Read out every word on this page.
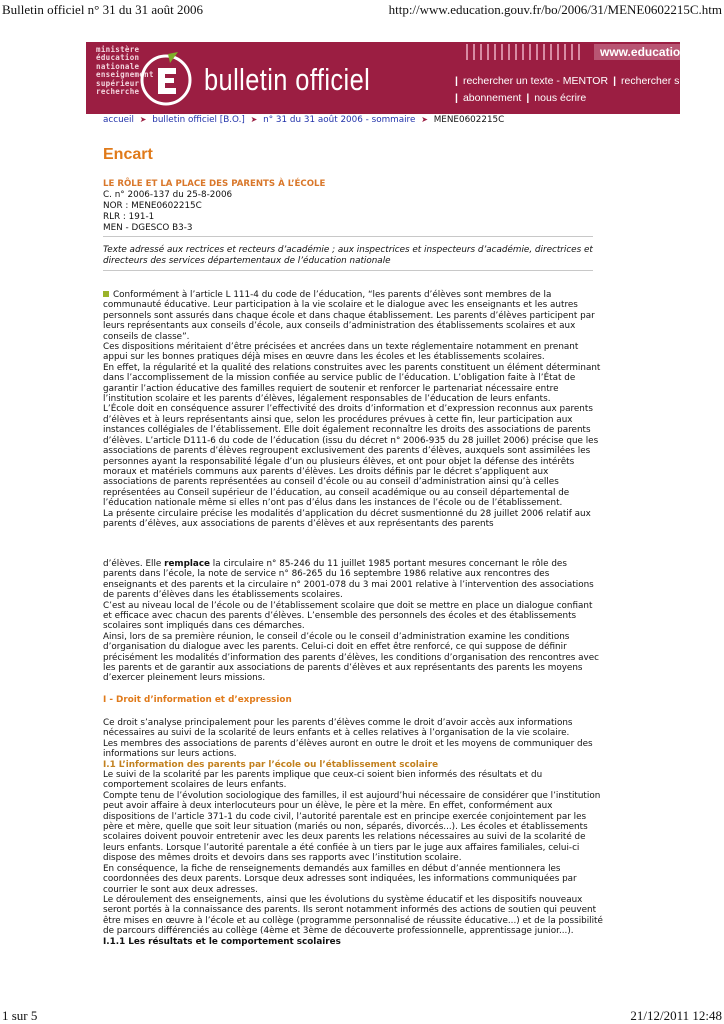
Bulletin officiel n° 31 du 31 août 2006	http://www.education.gouv.fr/bo/2006/31/MENE0602215C.htm
ministère
éducation
nationale
enseignement
supérieur
recherche	bulletin officiel
www.education.fr
| rechercher un texte - MENTOR | rechercher sur le site
| abonnement | nous écrire
accueil ➤ bulletin officiel [B.O.] ➤ n° 31 du 31 août 2006 - sommaire ➤ MENE0602215C
Encart
LE RÔLE ET LA PLACE DES PARENTS À L’ÉCOLE
C. n° 2006-137 du 25-8-2006
NOR : MENE0602215C
RLR : 191-1
MEN - DGESCO B3-3
Texte adressé aux rectrices et recteurs d’académie ; aux inspectrices et inspecteurs d’académie, directrices et directeurs des services départementaux de l’éducation nationale

Conformément à l’article L 111-4 du code de l’éducation, “les parents d’élèves sont membres de la communauté éducative. Leur participation à la vie scolaire et le dialogue avec les enseignants et les autres personnels sont assurés dans chaque école et dans chaque établissement. Les parents d’élèves participent par leurs représentants aux conseils d’école, aux conseils d’administration des établissements scolaires et aux conseils de classe”.

Ces dispositions méritaient d’être précisées et ancrées dans un texte réglementaire notamment en prenant appui sur les bonnes pratiques déjà mises en œuvre dans les écoles et les établissements scolaires.

En effet, la régularité et la qualité des relations construites avec les parents constituent un élément déterminant dans l’accomplissement de la mission confiée au service public de l’éducation. L’obligation faite à l’État de garantir l’action éducative des familles requiert de soutenir et renforcer le partenariat nécessaire entre l’institution scolaire et les parents d’élèves, légalement responsables de l’éducation de leurs enfants.

L’École doit en conséquence assurer l’effectivité des droits d’information et d’expression reconnus aux parents d’élèves et à leurs représentants ainsi que, selon les procédures prévues à cette fin, leur participation aux instances collégiales de l’établissement. Elle doit également reconnaître les droits des associations de parents d’élèves. L’article D111-6 du code de l’éducation (issu du décret n° 2006-935 du 28 juillet 2006) précise que les associations de parents d’élèves regroupent exclusivement des parents d’élèves, auxquels sont assimilées les personnes ayant la responsabilité légale d’un ou plusieurs élèves, et ont pour objet la défense des intérêts moraux et matériels communs aux parents d’élèves. Les droits définis par le décret s’appliquent aux associations de parents représentées au conseil d’école ou au conseil d’administration ainsi qu’à celles représentées au Conseil supérieur de l’éducation, au conseil académique ou au conseil départemental de l’éducation nationale même si elles n’ont pas d’élus dans les instances de l’école ou de l’établissement.

La présente circulaire précise les modalités d’application du décret susmentionné du 28 juillet 2006 relatif aux parents d’élèves, aux associations de parents d’élèves et aux représentants des parents

d’élèves. Elle remplace la circulaire n° 85-246 du 11 juillet 1985 portant mesures concernant le rôle des parents dans l’école, la note de service n° 86-265 du 16 septembre 1986 relative aux rencontres des enseignants et des parents et la circulaire n° 2001-078 du 3 mai 2001 relative à l’intervention des associations de parents d’élèves dans les établissements scolaires.

C’est au niveau local de l’école ou de l’établissement scolaire que doit se mettre en place un dialogue confiant et efficace avec chacun des parents d’élèves. L’ensemble des personnels des écoles et des établissements scolaires sont impliqués dans ces démarches.

Ainsi, lors de sa première réunion, le conseil d’école ou le conseil d’administration examine les conditions d’organisation du dialogue avec les parents. Celui-ci doit en effet être renforcé, ce qui suppose de définir précisément les modalités d’information des parents d’élèves, les conditions d’organisation des rencontres avec les parents et de garantir aux associations de parents d’élèves et aux représentants des parents les moyens d’exercer pleinement leurs missions.

I - Droit d’information et d’expression

Ce droit s’analyse principalement pour les parents d’élèves comme le droit d’avoir accès aux informations nécessaires au suivi de la scolarité de leurs enfants et à celles relatives à l’organisation de la vie scolaire.

Les membres des associations de parents d’élèves auront en outre le droit et les moyens de communiquer des informations sur leurs actions.

I.1 L’information des parents par l’école ou l’établissement scolaire

Le suivi de la scolarité par les parents implique que ceux-ci soient bien informés des résultats et du comportement scolaires de leurs enfants.

Compte tenu de l’évolution sociologique des familles, il est aujourd’hui nécessaire de considérer que l’institution peut avoir affaire à deux interlocuteurs pour un élève, le père et la mère. En effet, conformément aux dispositions de l’article 371-1 du code civil, l’autorité parentale est en principe exercée conjointement par les père et mère, quelle que soit leur situation (mariés ou non, séparés, divorcés...). Les écoles et établissements scolaires doivent pouvoir entretenir avec les deux parents les relations nécessaires au suivi de la scolarité de leurs enfants. Lorsque l’autorité parentale a été confiée à un tiers par le juge aux affaires familiales, celui-ci dispose des mêmes droits et devoirs dans ses rapports avec l’institution scolaire.

En conséquence, la fiche de renseignements demandés aux familles en début d’année mentionnera les coordonnées des deux parents. Lorsque deux adresses sont indiquées, les informations communiquées par courrier le sont aux deux adresses.

Le déroulement des enseignements, ainsi que les évolutions du système éducatif et les dispositifs nouveaux seront portés à la connaissance des parents. Ils seront notamment informés des actions de soutien qui peuvent être mises en œuvre à l’école et au collège (programme personnalisé de réussite éducative...) et de la possibilité de parcours différenciés au collège (4ème et 3ème de découverte professionnelle, apprentissage junior...).

I.1.1 Les résultats et le comportement scolaires

1 sur 5	21/12/2011 12:48
